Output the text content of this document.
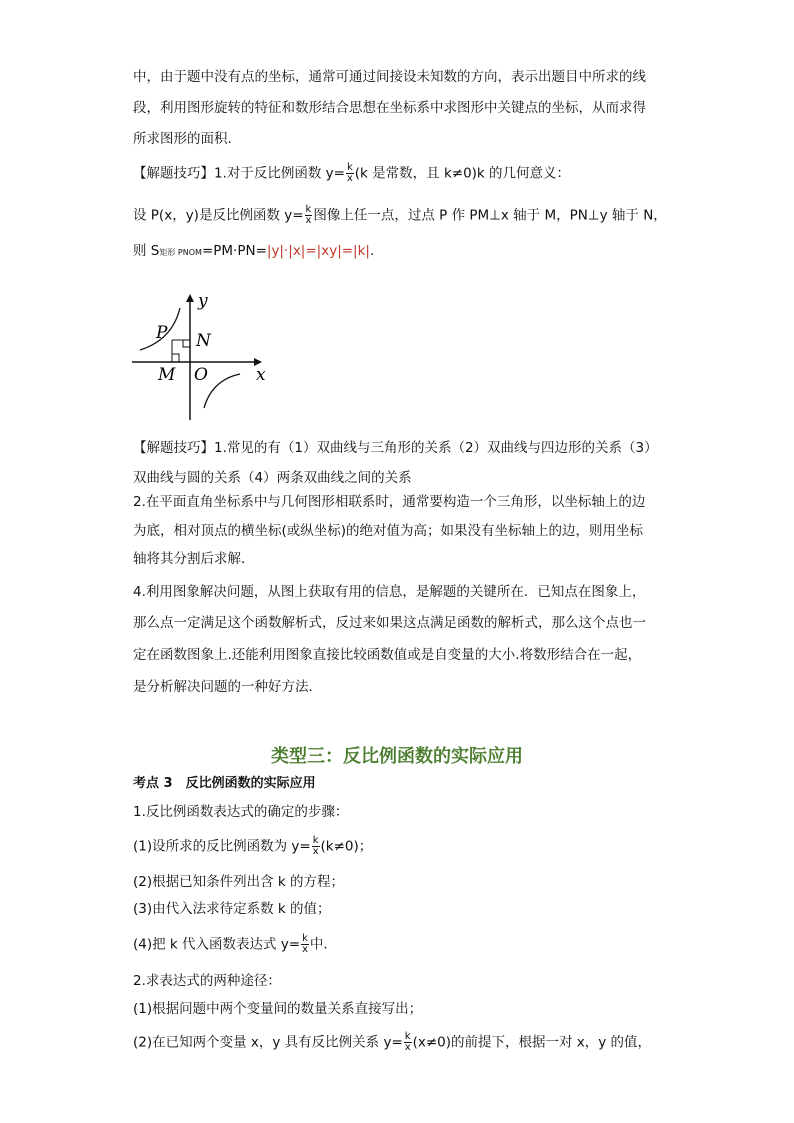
中，由于题中没有点的坐标，通常可通过间接设未知数的方向，表示出题目中所求的线
段，利用图形旋转的特征和数形结合思想在坐标系中求图形中关键点的坐标，从而求得
所求图形的面积．
【解题技巧】1.对于反比例函数 $y= \frac{k}{x} (k$ 是常数，且 k≠0)k 的几何意义：
设 P(x，y)是反比例函数 $y= \frac{k}{x}$ 图像上任一点，过点 P 作 PM⊥x 轴于 M，PN⊥y 轴于 N，
则 S矩形 PNOM=PM·PN=|y|·|x|=|xy|=|k|.
y
x
P N
M O
【解题技巧】1.常见的有（1）双曲线与三角形的关系（2）双曲线与四边形的关系（3）
双曲线与圆的关系（4）两条双曲线之间的关系
2.在平面直角坐标系中与几何图形相联系时，通常要构造一个三角形，以坐标轴上的边
为底，相对顶点的横坐标(或纵坐标)的绝对值为高；如果没有坐标轴上的边，则用坐标
轴将其分割后求解．
4.利用图象解决问题，从图上获取有用的信息，是解题的关键所在．已知点在图象上，
那么点一定满足这个函数解析式，反过来如果这点满足函数的解析式，那么这个点也一
定在函数图象上.还能利用图象直接比较函数值或是自变量的大小.将数形结合在一起，
是分析解决问题的一种好方法．
类型三：反比例函数的实际应用
考点 3　反比例函数的实际应用
1.反比例函数表达式的确定的步骤：
(1)设所求的反比例函数为 $y= \frac{k}{x} (k\ne 0)$；
(2)根据已知条件列出含 k 的方程；
(3)由代入法求待定系数 k 的值；
(4)把 k 代入函数表达式 $y= \frac{k}{x}$ 中．
2.求表达式的两种途径：
(1)根据问题中两个变量间的数量关系直接写出；
(2)在已知两个变量 x，y 具有反比例关系 $y= \frac{k}{x} (x\ne 0)$的前提下，根据一对 x，y 的值，
